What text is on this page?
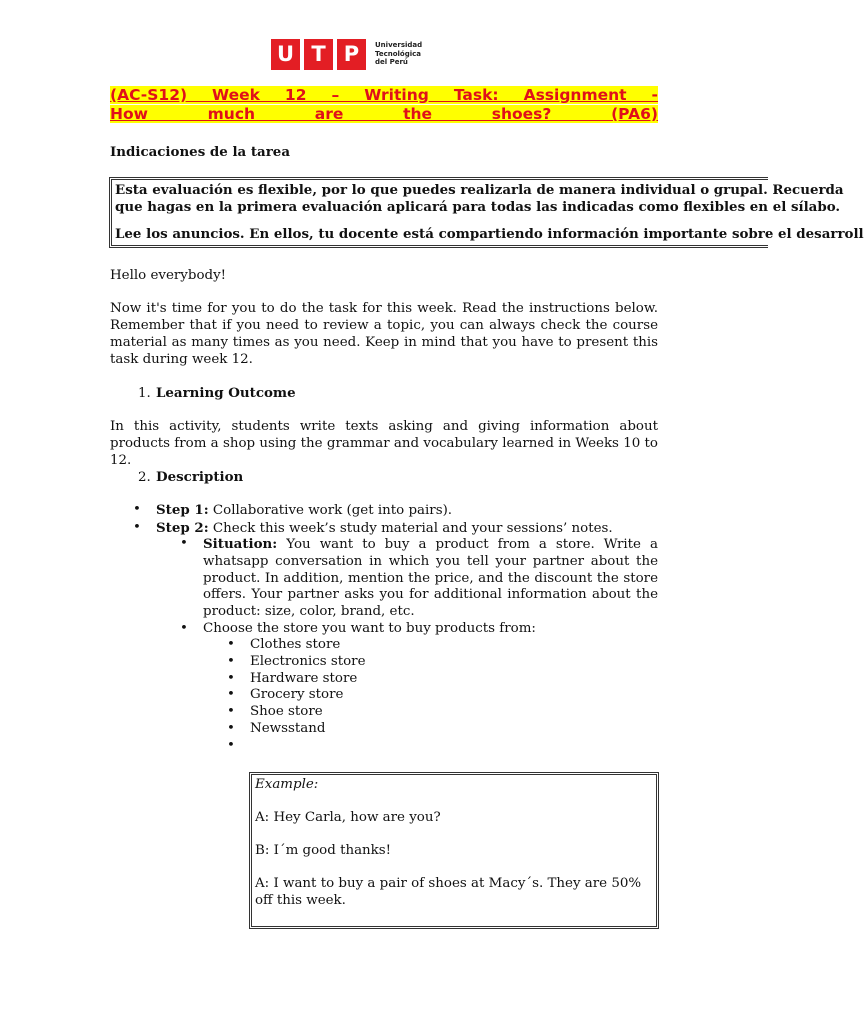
U T P	Universidad
Tecnológica
del Perú
(AC-S12) Week 12 – Writing Task: Assignment -
How much are the shoes? (PA6)
Indicaciones de la tarea

Esta evaluación es flexible, por lo que puedes realizarla de manera individual o grupal. Recuerda

que hagas en la primera evaluación aplicará para todas las indicadas como flexibles en el sílabo.

Lee los anuncios. En ellos, tu docente está compartiendo información importante sobre el desarroll

Hello everybody!

Now it's time for you to do the task for this week. Read the instructions below. Remember that if you need to review a topic, you can always check the course material as many times as you need. Keep in mind that you have to present this task during week 12.

1. Learning Outcome

In this activity, students write texts asking and giving information about products from a shop using the grammar and vocabulary learned in Weeks 10 to 12.

2. Description
• Step 1: Collaborative work (get into pairs).
• Step 2: Check this week’s study material and your sessions’ notes.
• Situation: You want to buy a product from a store. Write a whatsapp conversation in which you tell your partner about the product. In addition, mention the price, and the discount the store offers. Your partner asks you for additional information about the product: size, color, brand, etc.
• Choose the store you want to buy products from:
• Clothes store
• Electronics store
• Hardware store
• Grocery store
• Shoe store
• Newsstand
•

Example:

A: Hey Carla, how are you?

B: I´m good thanks!

A: I want to buy a pair of shoes at Macy´s. They are 50% off this week.
